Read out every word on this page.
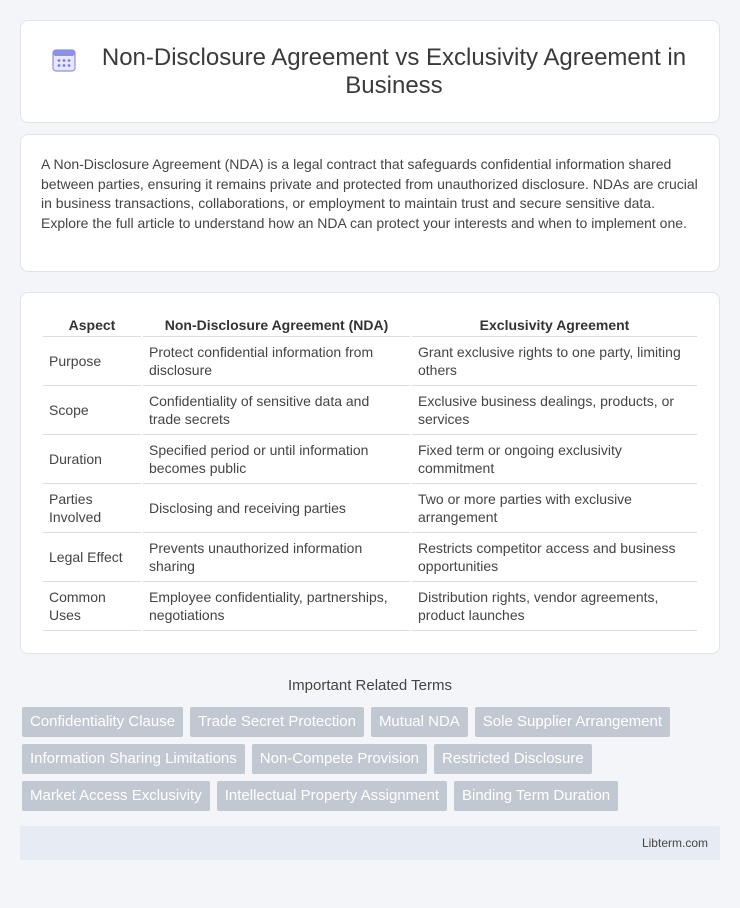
Non-Disclosure Agreement vs Exclusivity Agreement in Business
A Non-Disclosure Agreement (NDA) is a legal contract that safeguards confidential information shared between parties, ensuring it remains private and protected from unauthorized disclosure. NDAs are crucial in business transactions, collaborations, or employment to maintain trust and secure sensitive data. Explore the full article to understand how an NDA can protect your interests and when to implement one.
Aspect	Non-Disclosure Agreement (NDA)	Exclusivity Agreement
Purpose	Protect confidential information from disclosure	Grant exclusive rights to one party, limiting others
Scope	Confidentiality of sensitive data and trade secrets	Exclusive business dealings, products, or services
Duration	Specified period or until information becomes public	Fixed term or ongoing exclusivity commitment
Parties Involved	Disclosing and receiving parties	Two or more parties with exclusive arrangement
Legal Effect	Prevents unauthorized information sharing	Restricts competitor access and business opportunities
Common Uses	Employee confidentiality, partnerships, negotiations	Distribution rights, vendor agreements, product launches
Important Related Terms
Confidentiality Clause	Trade Secret Protection	Mutual NDA	Sole Supplier Arrangement
Information Sharing Limitations	Non-Compete Provision	Restricted Disclosure
Market Access Exclusivity	Intellectual Property Assignment	Binding Term Duration
Libterm.com
